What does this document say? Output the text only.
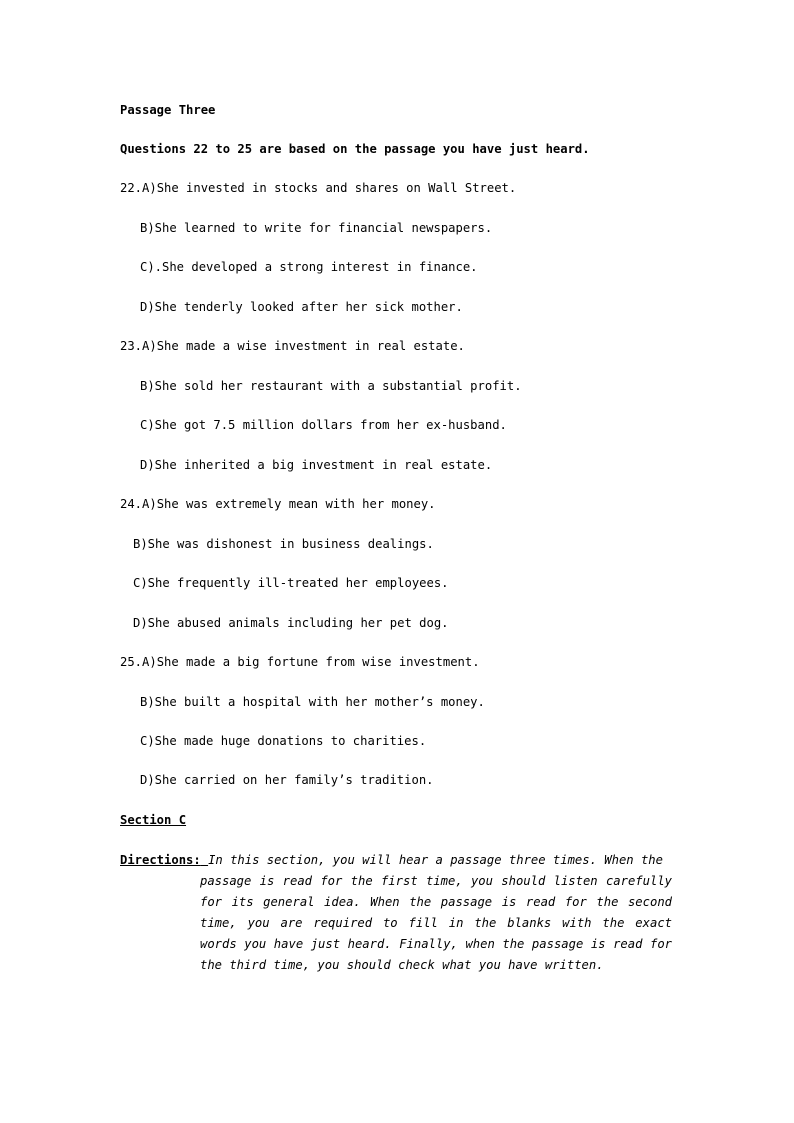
Passage Three
Questions 22 to 25 are based on the passage you have just heard.
22.A)She invested in stocks and shares on Wall Street.
B)She learned to write for financial newspapers.
C).She developed a strong interest in finance.
D)She tenderly looked after her sick mother.
23.A)She made a wise investment in real estate.
B)She sold her restaurant with a substantial profit.
C)She got 7.5 million dollars from her ex-husband.
D)She inherited a big investment in real estate.
24.A)She was extremely mean with her money.
B)She was dishonest in business dealings.
C)She frequently ill-treated her employees.
D)She abused animals including her pet dog.
25.A)She made a big fortune from wise investment.
B)She built a hospital with her mother’s money.
C)She made huge donations to charities.
D)She carried on her family’s tradition.
Section C
Directions: In this section, you will hear a passage three times. When the
passage is read for the first time, you should listen carefully for its general idea. When the passage is read for the second time, you are required to fill in the blanks with the exact words you have just heard. Finally, when the passage is read for the third time, you should check what you have written.
